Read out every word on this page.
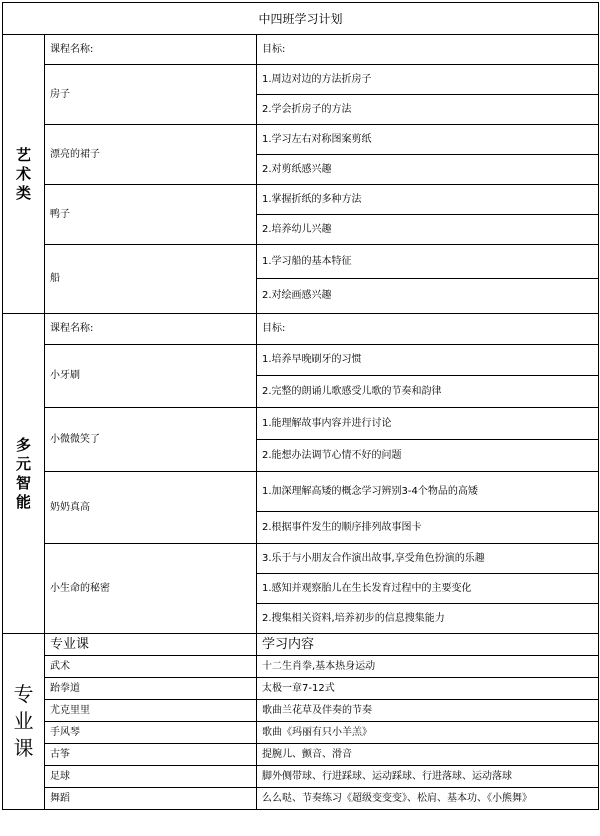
中四班学习计划		
艺术类	课程名称:	目标:
	房子	1.周边对边的方法折房子
		2.学会折房子的方法
	漂亮的裙子	1.学习左右对称图案剪纸
		2.对剪纸感兴趣
	鸭子	1.掌握折纸的多种方法
		2.培养幼儿兴趣
	船	1.学习船的基本特征
		2.对绘画感兴趣
多元智能	课程名称:	目标:
	小牙刷	1.培养早晚刷牙的习惯
		2.完整的朗诵儿歌感受儿歌的节奏和韵律
	小微微笑了	1.能理解故事内容并进行讨论
		2.能想办法调节心情不好的问题
	奶奶真高	1.加深理解高矮的概念学习辨别3-4个物品的高矮
		2.根据事件发生的顺序排列故事图卡
	小生命的秘密	3.乐于与小朋友合作演出故事,享受角色扮演的乐趣
		1.感知并观察胎儿在生长发育过程中的主要变化
		2.搜集相关资料,培养初步的信息搜集能力
专业课	专业课	学习内容
	武术	十二生肖拳,基本热身运动
	跆拳道	太极一章7-12式
	尤克里里	歌曲兰花草及伴奏的节奏
	手风琴	歌曲《玛丽有只小羊羔》
	古筝	提腕儿、颤音、滑音
	足球	脚外侧带球、行进踩球、运动踩球、行进落球、运动落球
	舞蹈	么么哒、节奏练习《超级变变变》、松肩、基本功、《小熊舞》
